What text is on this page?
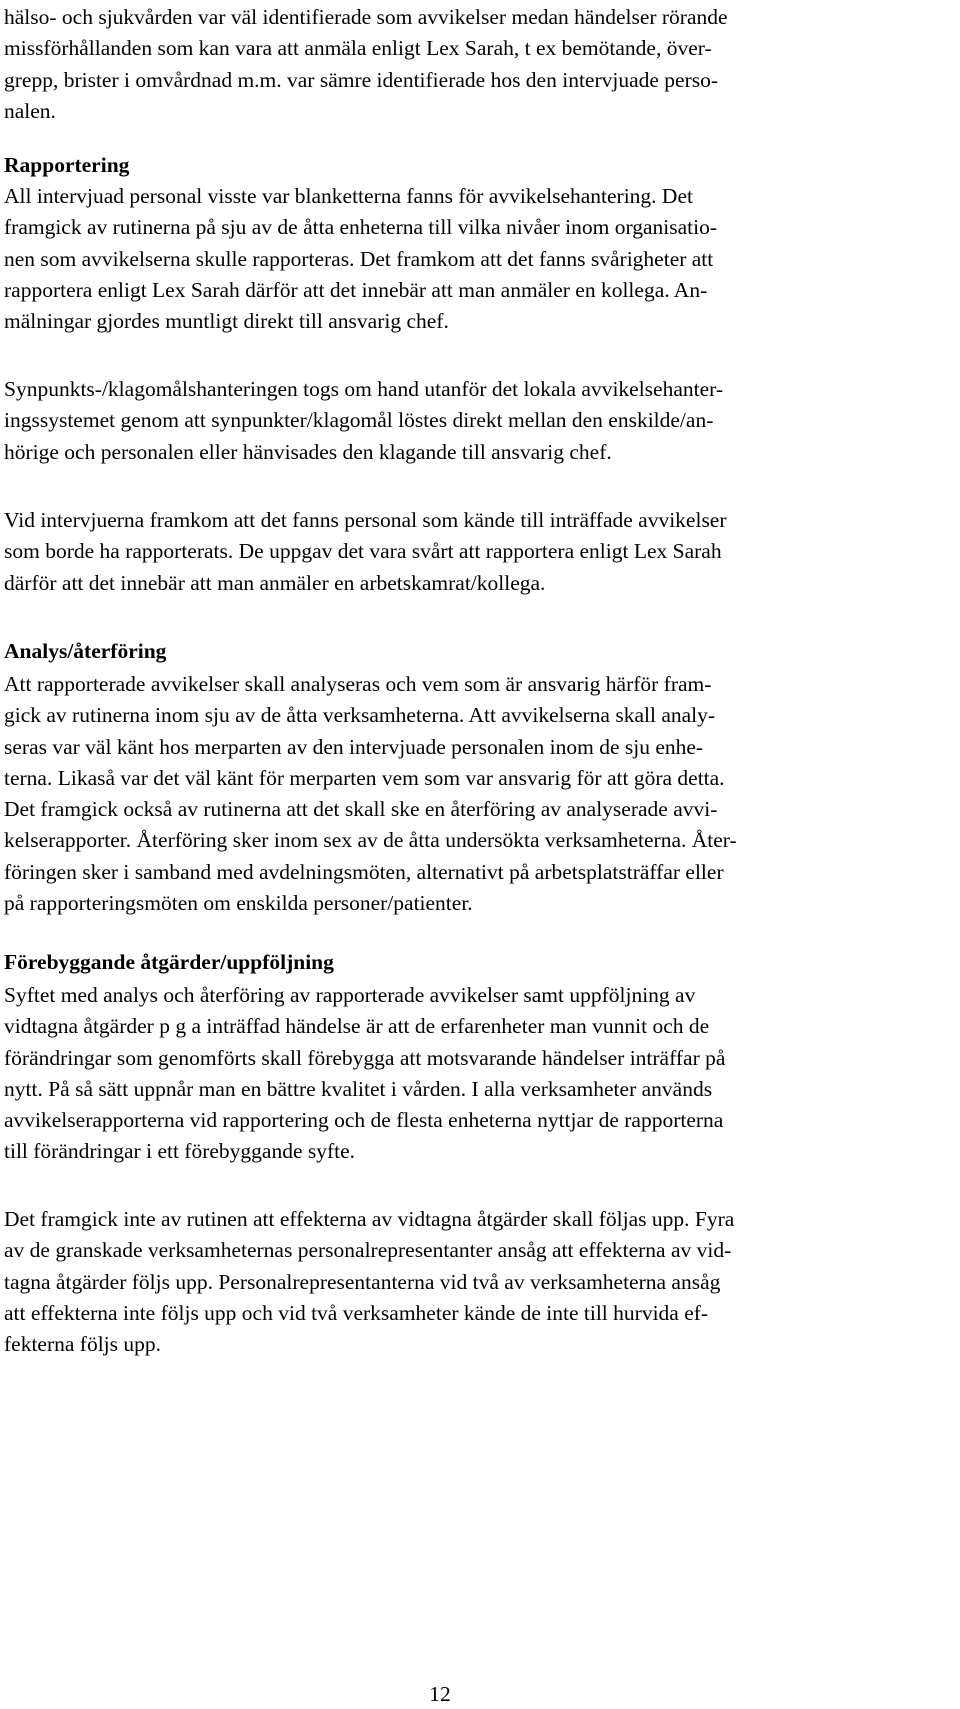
hälso- och sjukvården var väl identifierade som avvikelser medan händelser rörande
missförhållanden som kan vara att anmäla enligt Lex Sarah, t ex bemötande, över-
grepp, brister i omvårdnad m.m. var sämre identifierade hos den intervjuade perso-
nalen.
Rapportering
All intervjuad personal visste var blanketterna fanns för avvikelsehantering. Det
framgick av rutinerna på sju av de åtta enheterna till vilka nivåer inom organisatio-
nen som avvikelserna skulle rapporteras. Det framkom att det fanns svårigheter att
rapportera enligt Lex Sarah därför att det innebär att man anmäler en kollega. An-
mälningar gjordes muntligt direkt till ansvarig chef.
Synpunkts-/klagomålshanteringen togs om hand utanför det lokala avvikelsehanter-
ingssystemet genom att synpunkter/klagomål löstes direkt mellan den enskilde/an-
hörige och personalen eller hänvisades den klagande till ansvarig chef.
Vid intervjuerna framkom att det fanns personal som kände till inträffade avvikelser
som borde ha rapporterats. De uppgav det vara svårt att rapportera enligt Lex Sarah
därför att det innebär att man anmäler en arbetskamrat/kollega.
Analys/återföring
Att rapporterade avvikelser skall analyseras och vem som är ansvarig härför fram-
gick av rutinerna inom sju av de åtta verksamheterna. Att avvikelserna skall analy-
seras var väl känt hos merparten av den intervjuade personalen inom de sju enhe-
terna. Likaså var det väl känt för merparten vem som var ansvarig för att göra detta.
Det framgick också av rutinerna att det skall ske en återföring av analyserade avvi-
kelserapporter. Återföring sker inom sex av de åtta undersökta verksamheterna. Åter-
föringen sker i samband med avdelningsmöten, alternativt på arbetsplatsträffar eller
på rapporteringsmöten om enskilda personer/patienter.
Förebyggande åtgärder/uppföljning
Syftet med analys och återföring av rapporterade avvikelser samt uppföljning av
vidtagna åtgärder p g a inträffad händelse är att de erfarenheter man vunnit och de
förändringar som genomförts skall förebygga att motsvarande händelser inträffar på
nytt. På så sätt uppnår man en bättre kvalitet i vården. I alla verksamheter används
avvikelserapporterna vid rapportering och de flesta enheterna nyttjar de rapporterna
till förändringar i ett förebyggande syfte.
Det framgick inte av rutinen att effekterna av vidtagna åtgärder skall följas upp. Fyra
av de granskade verksamheternas personalrepresentanter ansåg att effekterna av vid-
tagna åtgärder följs upp. Personalrepresentanterna vid två av verksamheterna ansåg
att effekterna inte följs upp och vid två verksamheter kände de inte till hurvida ef-
fekterna följs upp.
12
